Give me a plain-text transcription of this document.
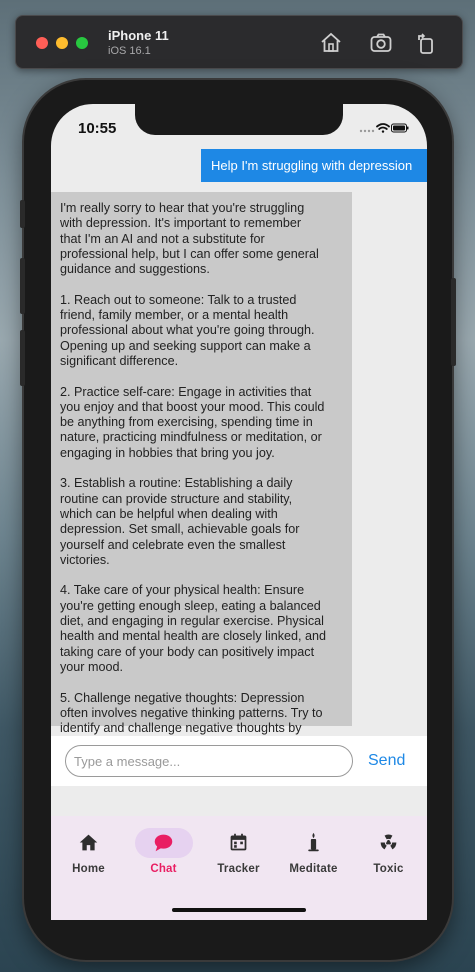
iPhone 11
iOS 16.1
10:55
Help I'm struggling with depression
I'm really sorry to hear that you're struggling
with depression. It's important to remember
that I'm an AI and not a substitute for
professional help, but I can offer some general
guidance and suggestions.

1. Reach out to someone: Talk to a trusted
friend, family member, or a mental health
professional about what you're going through.
Opening up and seeking support can make a
significant difference.

2. Practice self-care: Engage in activities that
you enjoy and that boost your mood. This could
be anything from exercising, spending time in
nature, practicing mindfulness or meditation, or
engaging in hobbies that bring you joy.

3. Establish a routine: Establishing a daily
routine can provide structure and stability,
which can be helpful when dealing with
depression. Set small, achievable goals for
yourself and celebrate even the smallest
victories.

4. Take care of your physical health: Ensure
you're getting enough sleep, eating a balanced
diet, and engaging in regular exercise. Physical
health and mental health are closely linked, and
taking care of your body can positively impact
your mood.

5. Challenge negative thoughts: Depression
often involves negative thinking patterns. Try to
identify and challenge negative thoughts by
Type a message...
Send
Home	Chat	Tracker	Meditate	Toxic
